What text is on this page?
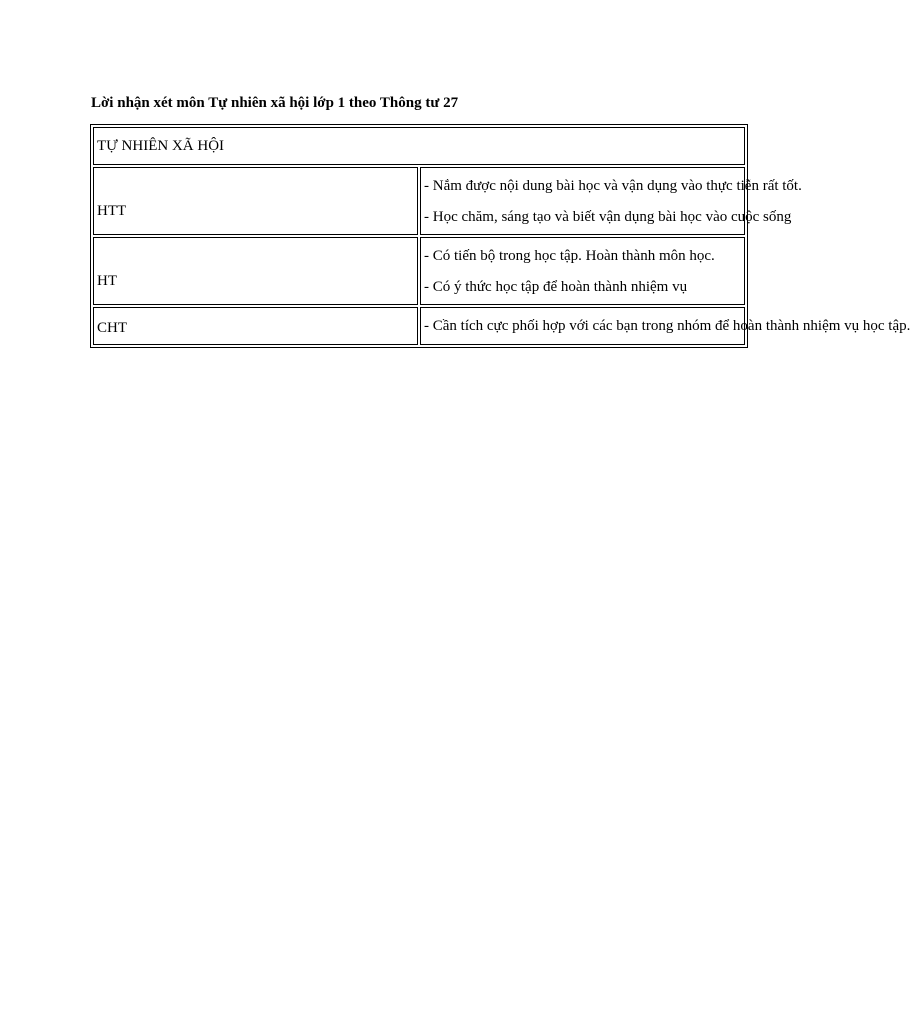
Lời nhận xét môn Tự nhiên xã hội lớp 1 theo Thông tư 27
TỰ NHIÊN XÃ HỘI	

HTT	- Nắm được nội dung bài học và vận dụng vào thực tiễn rất tốt.

- Học chăm, sáng tạo và biết vận dụng bài học vào cuộc sống

HT	- Có tiến bộ trong học tập. Hoàn thành môn học.

- Có ý thức học tập để hoàn thành nhiệm vụ

CHT	- Cần tích cực phối hợp với các bạn trong nhóm để hoàn thành nhiệm vụ học tập.
